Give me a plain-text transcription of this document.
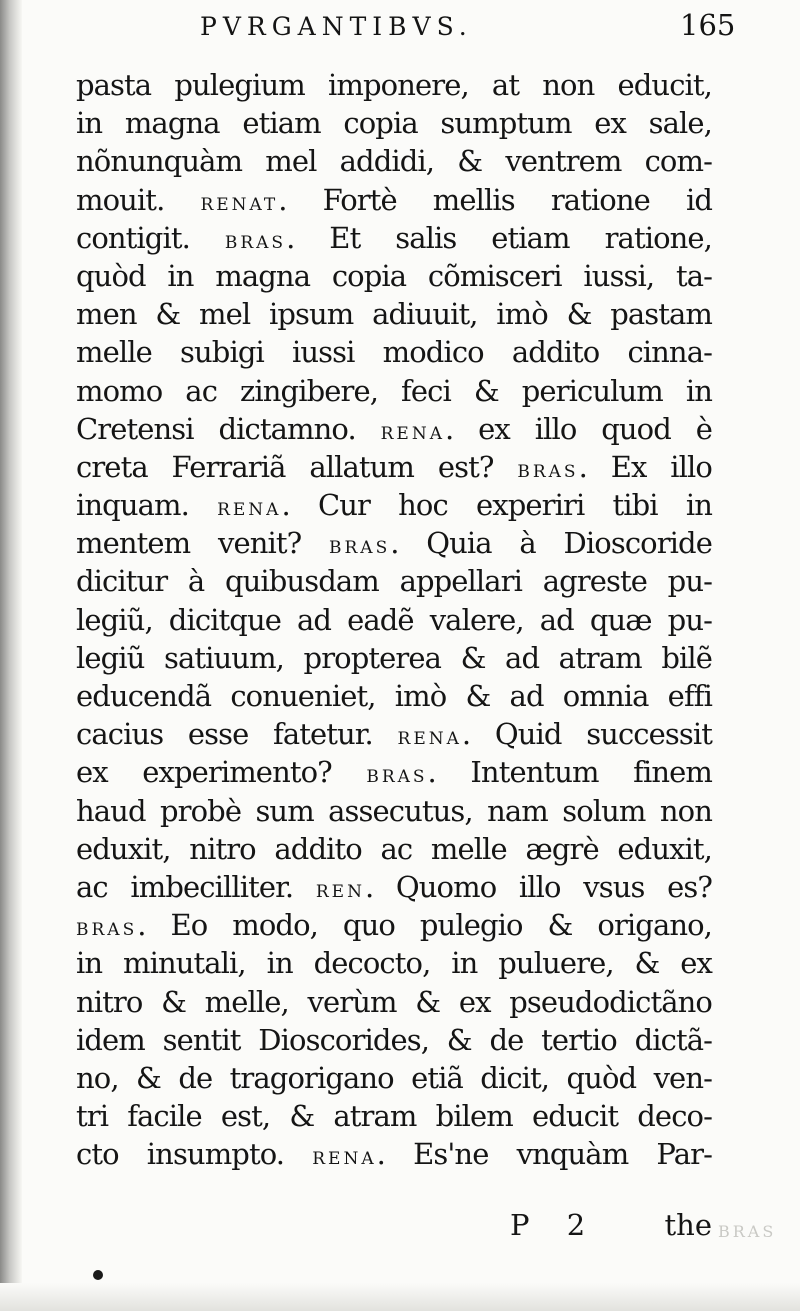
PVRGANTIBVS.	165
pasta pulegium imponere, at non educit,
in magna etiam copia sumptum ex sale,
nõnunquàm mel addidi, & ventrem com-
mouit. RENAT. Fortè mellis ratione id
contigit. BRAS. Et salis etiam ratione,
quòd in magna copia cõmisceri iussi, ta-
men & mel ipsum adiuuit, imò & pastam
melle subigi iussi modico addito cinna-
momo ac zingibere, feci & periculum in
Cretensi dictamno. RENA. ex illo quod è
creta Ferrariã allatum est? BRAS. Ex illo
inquam. RENA. Cur hoc experiri tibi in
mentem venit? BRAS. Quia à Dioscoride
dicitur à quibusdam appellari agreste pu-
legiũ, dicitque ad eadẽ valere, ad quæ pu-
legiũ satiuum, propterea & ad atram bilẽ
educendã conueniet, imò & ad omnia effi
cacius esse fatetur. RENA. Quid successit
ex experimento? BRAS. Intentum finem
haud probè sum assecutus, nam solum non
eduxit, nitro addito ac melle ægrè eduxit,
ac imbecilliter. REN. Quomo illo vsus es?
BRAS. Eo modo, quo pulegio & origano,
in minutali, in decocto, in puluere, & ex
nitro & melle, verùm & ex pseudodictãno
idem sentit Dioscorides, & de tertio dictã-
no, & de tragorigano etiã dicit, quòd ven-
tri facile est, & atram bilem educit deco-
cto insumpto. RENA. Es'ne vnquàm Par-
P 2 the BRAS
